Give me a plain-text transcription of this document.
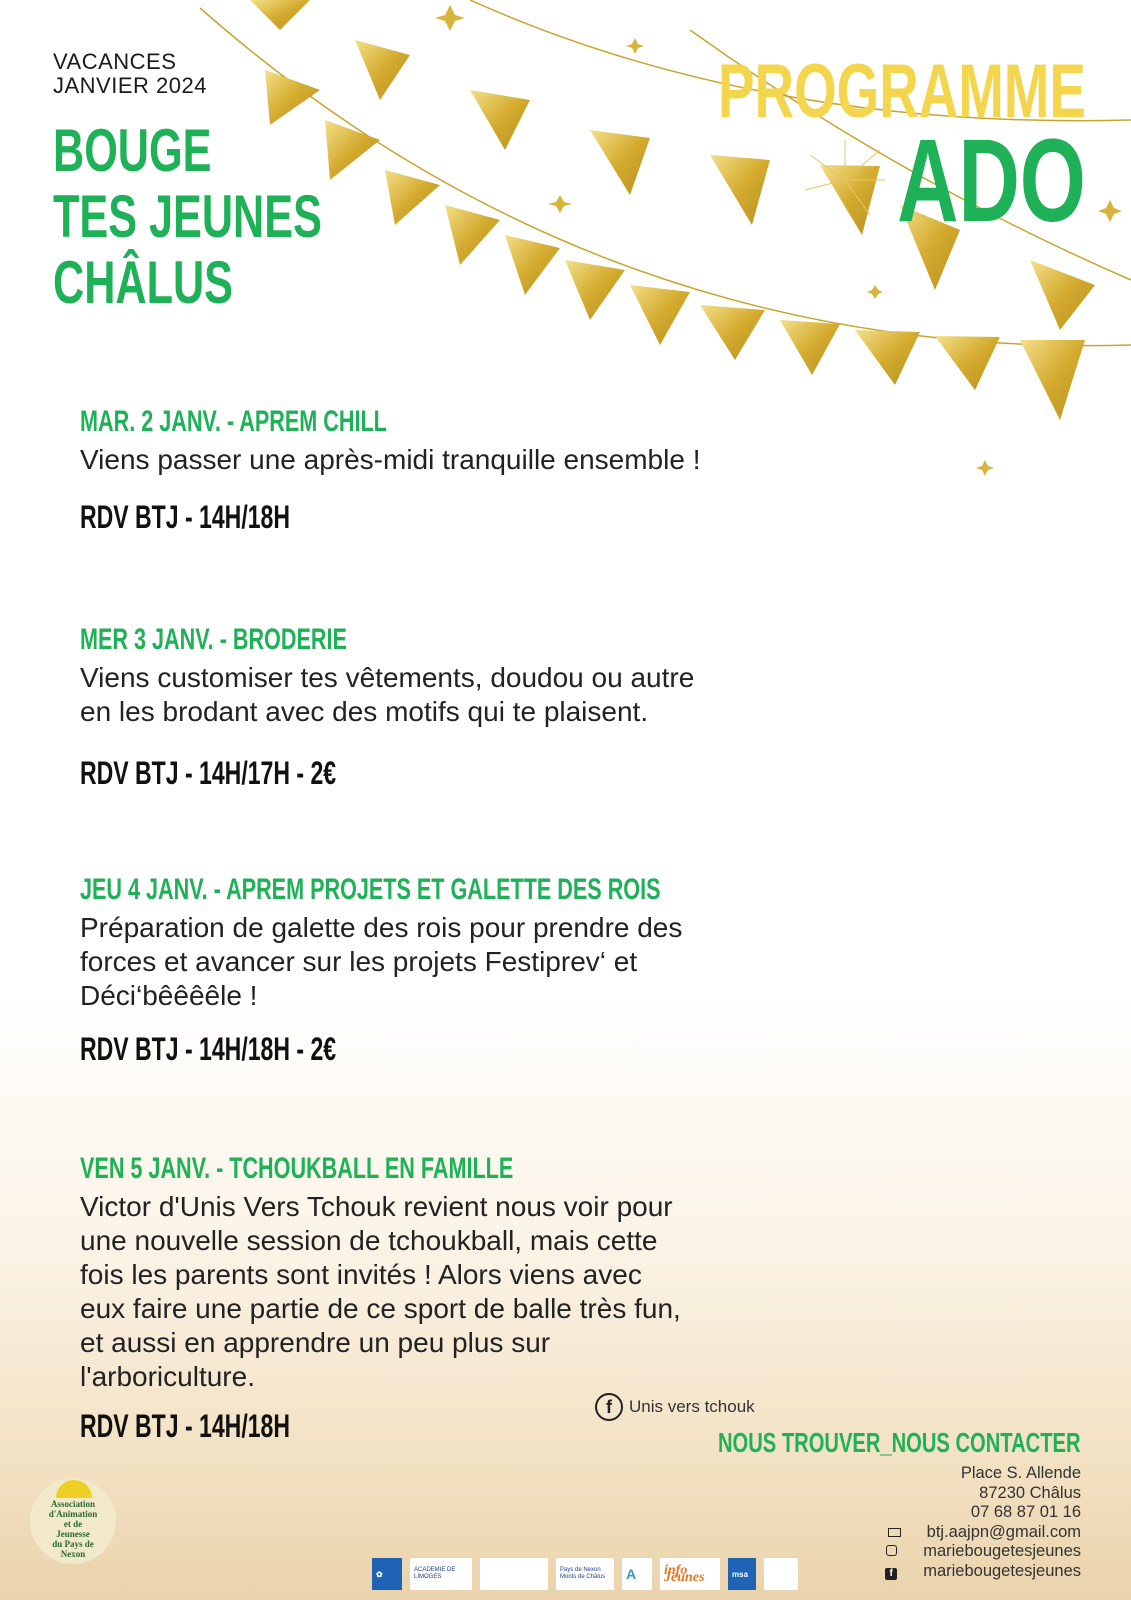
VACANCES
JANVIER 2024
BOUGE
TES JEUNES
CHÂLUS
PROGRAMME
ADO
MAR. 2 JANV. - APREM CHILL
Viens passer une après-midi tranquille ensemble !
RDV BTJ - 14H/18H
MER 3 JANV. - BRODERIE
Viens customiser tes vêtements, doudou ou autre
en les brodant avec des motifs qui te plaisent.
RDV BTJ - 14H/17H - 2€
JEU 4 JANV. - APREM PROJETS ET GALETTE DES ROIS
Préparation de galette des rois pour prendre des
forces et avancer sur les projets Festiprev‘ et
Déci‘bêêêêle !
RDV BTJ - 14H/18H - 2€
VEN 5 JANV. - TCHOUKBALL EN FAMILLE
Victor d'Unis Vers Tchouk revient nous voir pour
une nouvelle session de tchoukball, mais cette
fois les parents sont invités ! Alors viens avec
eux faire une partie de ce sport de balle très fun,
et aussi en apprendre un peu plus sur
l'arboriculture.
RDV BTJ - 14H/18H
f	Unis vers tchouk
NOUS TROUVER_NOUS CONTACTER
Place S. Allende
87230 Châlus
07 68 87 01 16
btj.aajpn@gmail.com
mariebougetesjeunes
f	mariebougetesjeunes
Association
d'Animation
et de
Jeunesse
du Pays de
Nexon
✿	ACADEMIE DE LIMOGES
Pays de Nexon Monts de Châlus	A	info Jeunes	msa
